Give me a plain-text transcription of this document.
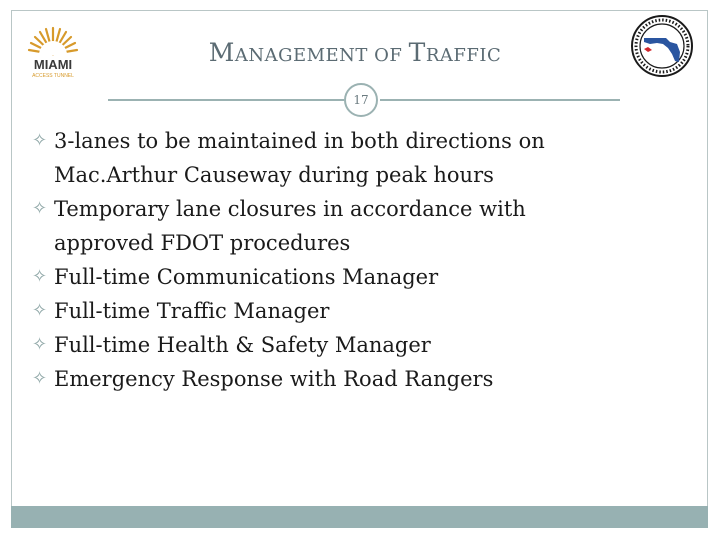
MIAMI
ACCESS TUNNEL
MANAGEMENT OF TRAFFIC
17
✧ 3-lanes to be maintained in both directions on
Mac.Arthur Causeway during peak hours
✧ Temporary lane closures in accordance with
approved FDOT procedures
✧ Full-time Communications Manager
✧ Full-time Traffic Manager
✧ Full-time Health & Safety Manager
✧ Emergency Response with Road Rangers
